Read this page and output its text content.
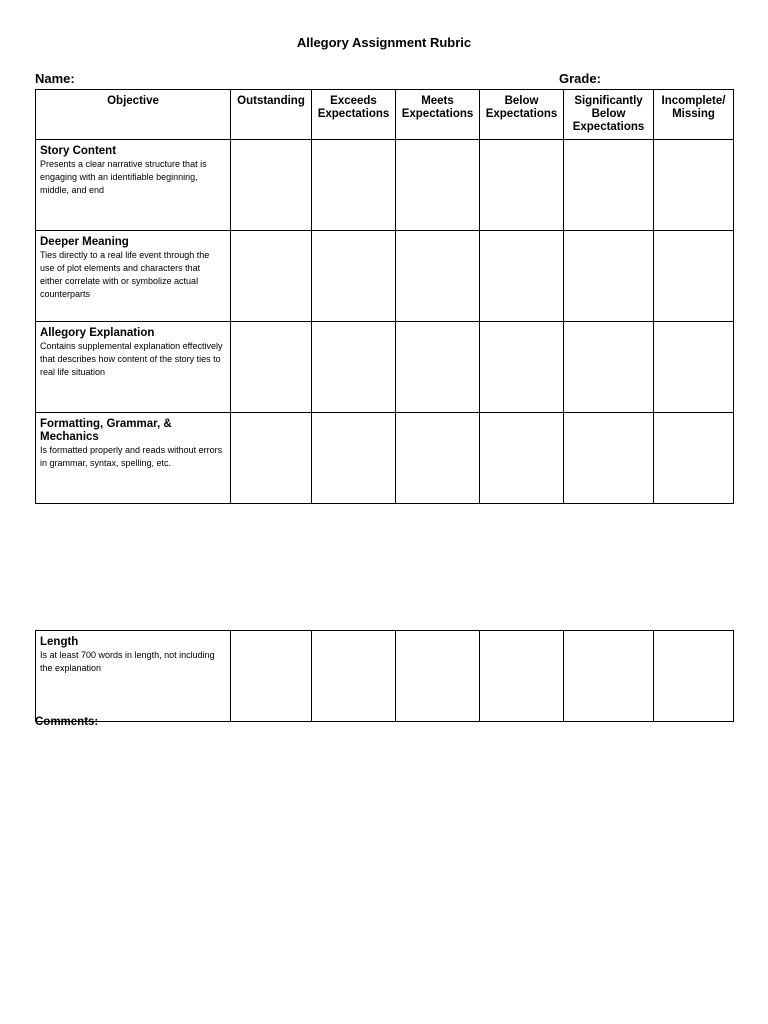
Allegory Assignment Rubric
Name:	Grade:
Objective	Outstanding	Exceeds Expectations	Meets Expectations	Below Expectations	Significantly Below Expectations	Incomplete/ Missing

Story Content
Presents a clear narrative structure that is engaging with an identifiable beginning, middle, and end						

Deeper Meaning
Ties directly to a real life event through the use of plot elements and characters that either correlate with or symbolize actual counterparts						

Allegory Explanation
Contains supplemental explanation effectively that describes how content of the story ties to real life situation						

Formatting, Grammar, & Mechanics
Is formatted properly and reads without errors in grammar, syntax, spelling, etc.						

Length
Is at least 700 words in length, not including the explanation

Comments:
